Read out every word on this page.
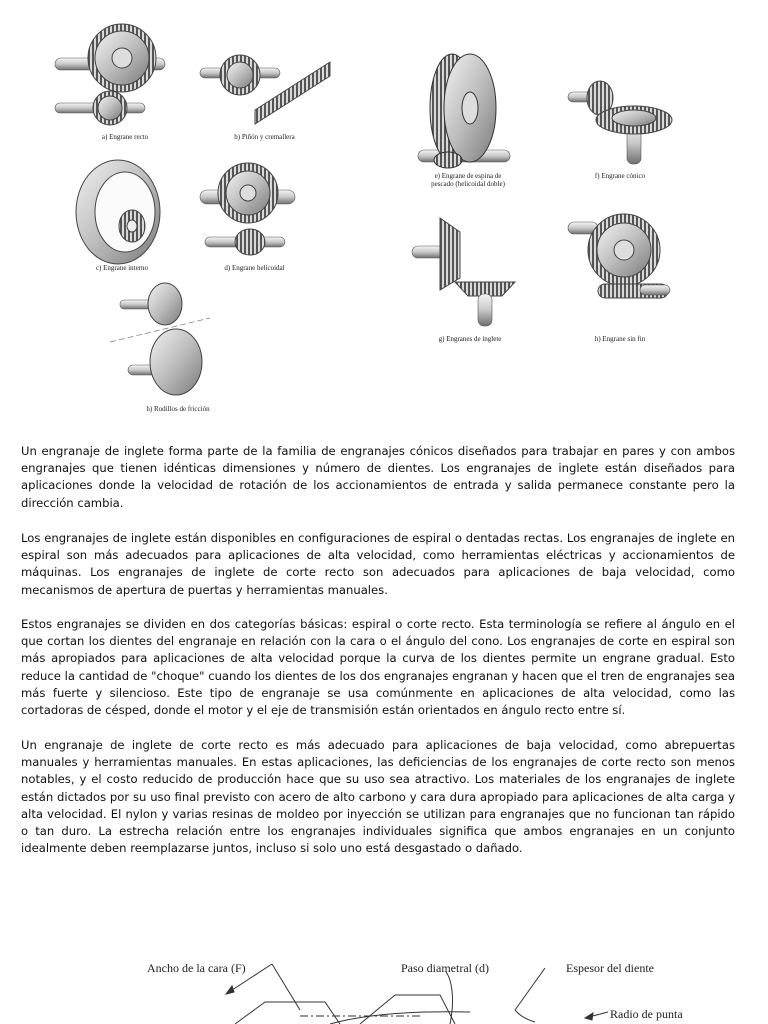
a) Engrane recto	b) Piñón y cremallera
c) Engrane interno	d) Engrane helicoidal
h) Rodillos de fricción
e) Engrane de espina de
pescado (helicoidal doble)
f) Engrane cónico
g) Engranes de inglete	h) Engrane sin fin

Un engranaje de inglete forma parte de la familia de engranajes cónicos diseñados para trabajar en pares y con ambos engranajes que tienen idénticas dimensiones y número de dientes. Los engranajes de inglete están diseñados para aplicaciones donde la velocidad de rotación de los accionamientos de entrada y salida permanece constante pero la dirección cambia.

Los engranajes de inglete están disponibles en configuraciones de espiral o dentadas rectas. Los engranajes de inglete en espiral son más adecuados para aplicaciones de alta velocidad, como herramientas eléctricas y accionamientos de máquinas. Los engranajes de inglete de corte recto son adecuados para aplicaciones de baja velocidad, como mecanismos de apertura de puertas y herramientas manuales.

Estos engranajes se dividen en dos categorías básicas: espiral o corte recto. Esta terminología se refiere al ángulo en el que cortan los dientes del engranaje en relación con la cara o el ángulo del cono. Los engranajes de corte en espiral son más apropiados para aplicaciones de alta velocidad porque la curva de los dientes permite un engrane gradual. Esto reduce la cantidad de "choque" cuando los dientes de los dos engranajes engranan y hacen que el tren de engranajes sea más fuerte y silencioso. Este tipo de engranaje se usa comúnmente en aplicaciones de alta velocidad, como las cortadoras de césped, donde el motor y el eje de transmisión están orientados en ángulo recto entre sí.

Un engranaje de inglete de corte recto es más adecuado para aplicaciones de baja velocidad, como abrepuertas manuales y herramientas manuales. En estas aplicaciones, las deficiencias de los engranajes de corte recto son menos notables, y el costo reducido de producción hace que su uso sea atractivo. Los materiales de los engranajes de inglete están dictados por su uso final previsto con acero de alto carbono y cara dura apropiado para aplicaciones de alta carga y alta velocidad. El nylon y varias resinas de moldeo por inyección se utilizan para engranajes que no funcionan tan rápido o tan duro. La estrecha relación entre los engranajes individuales significa que ambos engranajes en un conjunto idealmente deben reemplazarse juntos, incluso si solo uno está desgastado o dañado.

Ancho de la cara (F)	Paso diametral (d)	Espesor del diente
Radio de punta
